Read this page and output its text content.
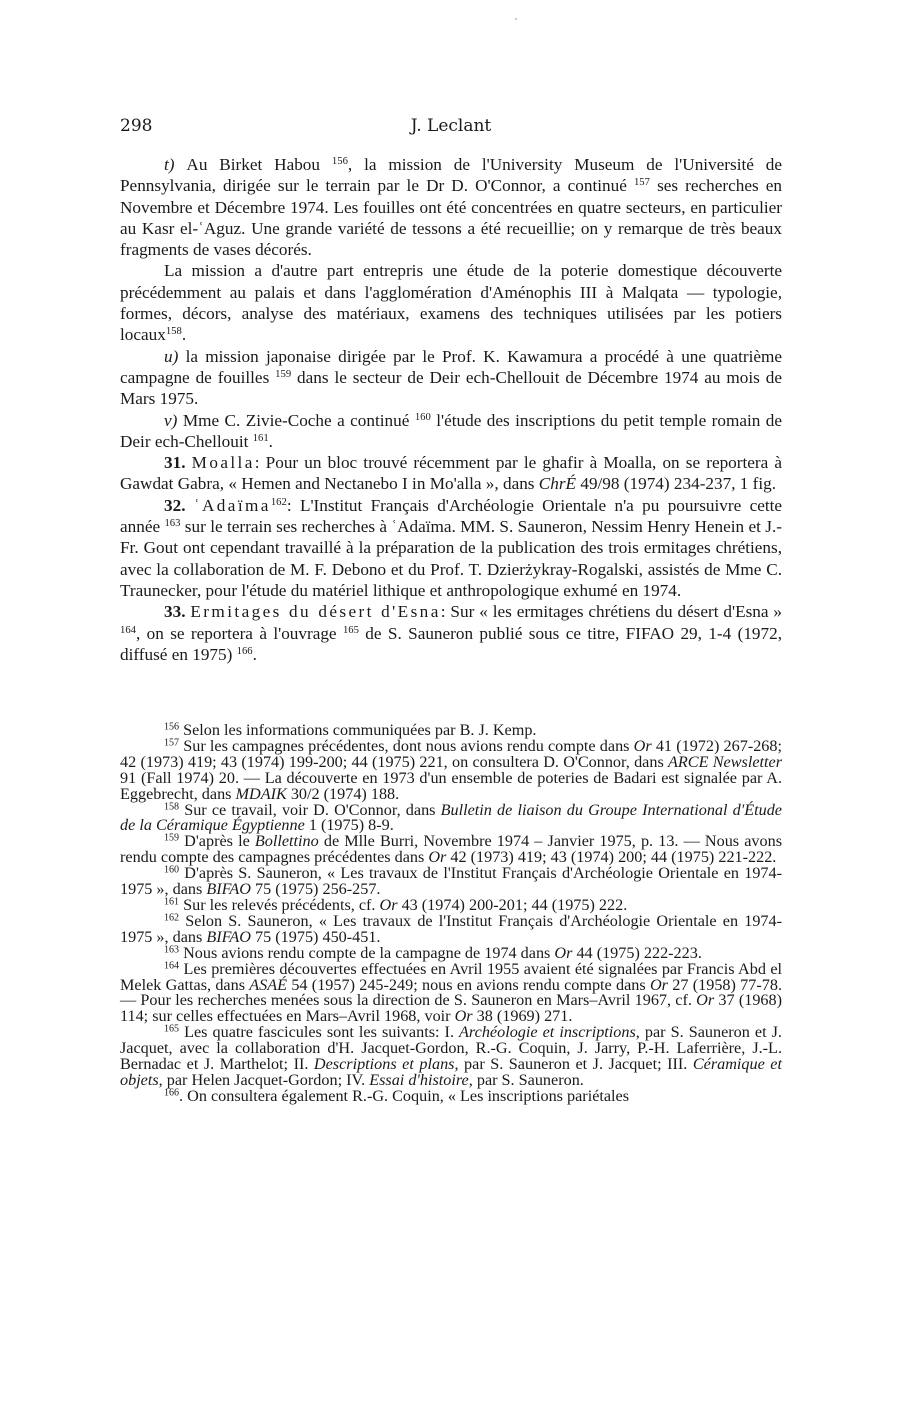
298	J. Leclant

t) Au Birket Habou $^{156}$, la mission de l'University Museum de l'Université de Pennsylvania, dirigée sur le terrain par le Dr D. O'Connor, a continué $^{157}$ ses recherches en Novembre et Décembre 1974. Les fouilles ont été concentrées en quatre secteurs, en particulier au Kasr el-ʿAguz. Une grande variété de tessons a été recueillie; on y remarque de très beaux fragments de vases décorés.

La mission a d'autre part entrepris une étude de la poterie domestique découverte précédemment au palais et dans l'agglomération d'Aménophis III à Malqata — typologie, formes, décors, analyse des matériaux, examens des techniques utilisées par les potiers locaux$^{158}$.

u) la mission japonaise dirigée par le Prof. K. Kawamura a procédé à une quatrième campagne de fouilles $^{159}$ dans le secteur de Deir ech-Chellouit de Décembre 1974 au mois de Mars 1975.

v) Mme C. Zivie-Coche a continué $^{160}$ l'étude des inscriptions du petit temple romain de Deir ech-Chellouit $^{161}$.

31. Moalla: Pour un bloc trouvé récemment par le ghafir à Moalla, on se reportera à Gawdat Gabra, « Hemen and Nectanebo I in Mo'alla », dans ChrÉ 49/98 (1974) 234-237, 1 fig.

32. ʿAdaïma$^{162}$: L'Institut Français d'Archéologie Orientale n'a pu poursuivre cette année $^{163}$ sur le terrain ses recherches à ʿAdaïma. MM. S. Sauneron, Nessim Henry Henein et J.-Fr. Gout ont cependant travaillé à la préparation de la publication des trois ermitages chrétiens, avec la collaboration de M. F. Debono et du Prof. T. Dzierżykray-Rogalski, assistés de Mme C. Traunecker, pour l'étude du matériel lithique et anthropologique exhumé en 1974.

33. Ermitages du désert d'Esna: Sur « les ermitages chrétiens du désert d'Esna » $^{164}$, on se reportera à l'ouvrage $^{165}$ de S. Sauneron publié sous ce titre, FIFAO 29, 1-4 (1972, diffusé en 1975) $^{166}$.

$^{156}$ Selon les informations communiquées par B. J. Kemp.

$^{157}$ Sur les campagnes précédentes, dont nous avions rendu compte dans Or 41 (1972) 267-268; 42 (1973) 419; 43 (1974) 199-200; 44 (1975) 221, on consultera D. O'Connor, dans ARCE Newsletter 91 (Fall 1974) 20. — La découverte en 1973 d'un ensemble de poteries de Badari est signalée par A. Eggebrecht, dans MDAIK 30/2 (1974) 188.

$^{158}$ Sur ce travail, voir D. O'Connor, dans Bulletin de liaison du Groupe International d'Étude de la Céramique Égyptienne 1 (1975) 8-9.

$^{159}$ D'après le Bollettino de Mlle Burri, Novembre 1974 – Janvier 1975, p. 13. — Nous avons rendu compte des campagnes précédentes dans Or 42 (1973) 419; 43 (1974) 200; 44 (1975) 221-222.

$^{160}$ D'après S. Sauneron, « Les travaux de l'Institut Français d'Archéologie Orientale en 1974-1975 », dans BIFAO 75 (1975) 256-257.

$^{161}$ Sur les relevés précédents, cf. Or 43 (1974) 200-201; 44 (1975) 222.

$^{162}$ Selon S. Sauneron, « Les travaux de l'Institut Français d'Archéologie Orientale en 1974-1975 », dans BIFAO 75 (1975) 450-451.

$^{163}$ Nous avions rendu compte de la campagne de 1974 dans Or 44 (1975) 222-223.

$^{164}$ Les premières découvertes effectuées en Avril 1955 avaient été signalées par Francis Abd el Melek Gattas, dans ASAÉ 54 (1957) 245-249; nous en avions rendu compte dans Or 27 (1958) 77-78. — Pour les recherches menées sous la direction de S. Sauneron en Mars–Avril 1967, cf. Or 37 (1968) 114; sur celles effectuées en Mars–Avril 1968, voir Or 38 (1969) 271.

$^{165}$ Les quatre fascicules sont les suivants: I. Archéologie et inscriptions, par S. Sauneron et J. Jacquet, avec la collaboration d'H. Jacquet-Gordon, R.-G. Coquin, J. Jarry, P.-H. Laferrière, J.-L. Bernadac et J. Marthelot; II. Descriptions et plans, par S. Sauneron et J. Jacquet; III. Céramique et objets, par Helen Jacquet-Gordon; IV. Essai d'histoire, par S. Sauneron.

$^{166}$. On consultera également R.-G. Coquin, « Les inscriptions pariétales
